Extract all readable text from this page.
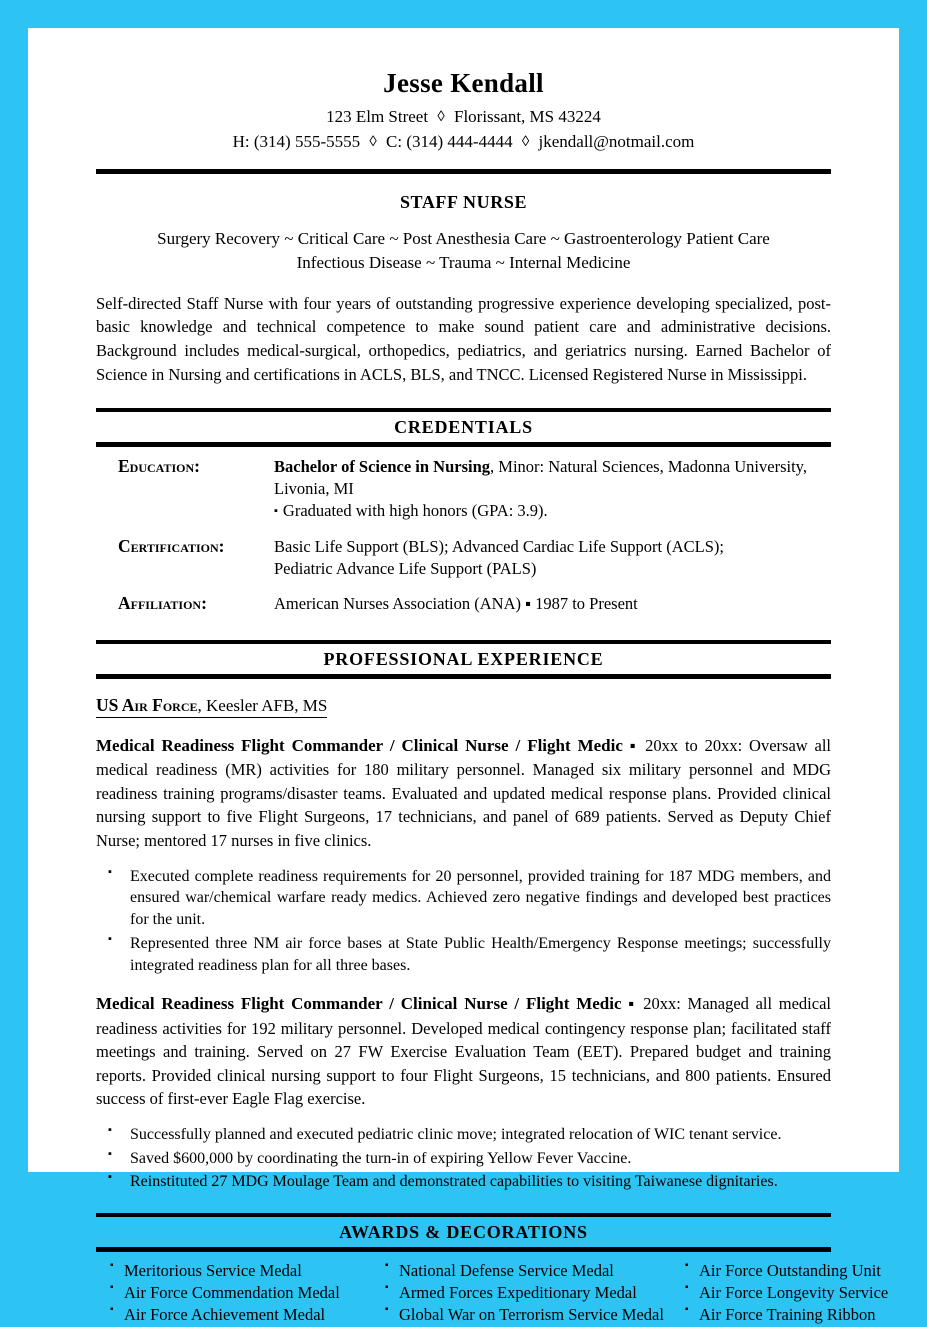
Jesse Kendall
123 Elm Street ◊ Florissant, MS 43224
H: (314) 555-5555 ◊ C: (314) 444-4444 ◊ jkendall@notmail.com
STAFF NURSE
Surgery Recovery ~ Critical Care ~ Post Anesthesia Care ~ Gastroenterology Patient Care
Infectious Disease ~ Trauma ~ Internal Medicine

Self-directed Staff Nurse with four years of outstanding progressive experience developing specialized, post-basic knowledge and technical competence to make sound patient care and administrative decisions. Background includes medical-surgical, orthopedics, pediatrics, and geriatrics nursing. Earned Bachelor of Science in Nursing and certifications in ACLS, BLS, and TNCC. Licensed Registered Nurse in Mississippi.

CREDENTIALS
Education:	Bachelor of Science in Nursing, Minor: Natural Sciences, Madonna University, Livonia, MI
▪ Graduated with high honors (GPA: 3.9).

Certification:	Basic Life Support (BLS); Advanced Cardiac Life Support (ACLS);
Pediatric Advance Life Support (PALS)

Affiliation:	American Nurses Association (ANA) ▪ 1987 to Present
PROFESSIONAL EXPERIENCE
US Air Force, Keesler AFB, MS

Medical Readiness Flight Commander / Clinical Nurse / Flight Medic ▪ 20xx to 20xx: Oversaw all medical readiness (MR) activities for 180 military personnel. Managed six military personnel and MDG readiness training programs/disaster teams. Evaluated and updated medical response plans. Provided clinical nursing support to five Flight Surgeons, 17 technicians, and panel of 689 patients. Served as Deputy Chief Nurse; mentored 17 nurses in five clinics.

▪ Executed complete readiness requirements for 20 personnel, provided training for 187 MDG members, and ensured war/chemical warfare ready medics. Achieved zero negative findings and developed best practices for the unit.
▪ Represented three NM air force bases at State Public Health/Emergency Response meetings; successfully integrated readiness plan for all three bases.

Medical Readiness Flight Commander / Clinical Nurse / Flight Medic ▪ 20xx: Managed all medical readiness activities for 192 military personnel. Developed medical contingency response plan; facilitated staff meetings and training. Served on 27 FW Exercise Evaluation Team (EET). Prepared budget and training reports. Provided clinical nursing support to four Flight Surgeons, 15 technicians, and 800 patients. Ensured success of first-ever Eagle Flag exercise.

▪ Successfully planned and executed pediatric clinic move; integrated relocation of WIC tenant service.
▪ Saved $600,000 by coordinating the turn-in of expiring Yellow Fever Vaccine.
▪ Reinstituted 27 MDG Moulage Team and demonstrated capabilities to visiting Taiwanese dignitaries.
AWARDS & DECORATIONS
▪ Meritorious Service Medal
▪ Air Force Commendation Medal
▪ Air Force Achievement Medal
▪ National Defense Service Medal
▪ Armed Forces Expeditionary Medal
▪ Global War on Terrorism Service Medal
▪ Air Force Outstanding Unit
▪ Air Force Longevity Service
▪ Air Force Training Ribbon
